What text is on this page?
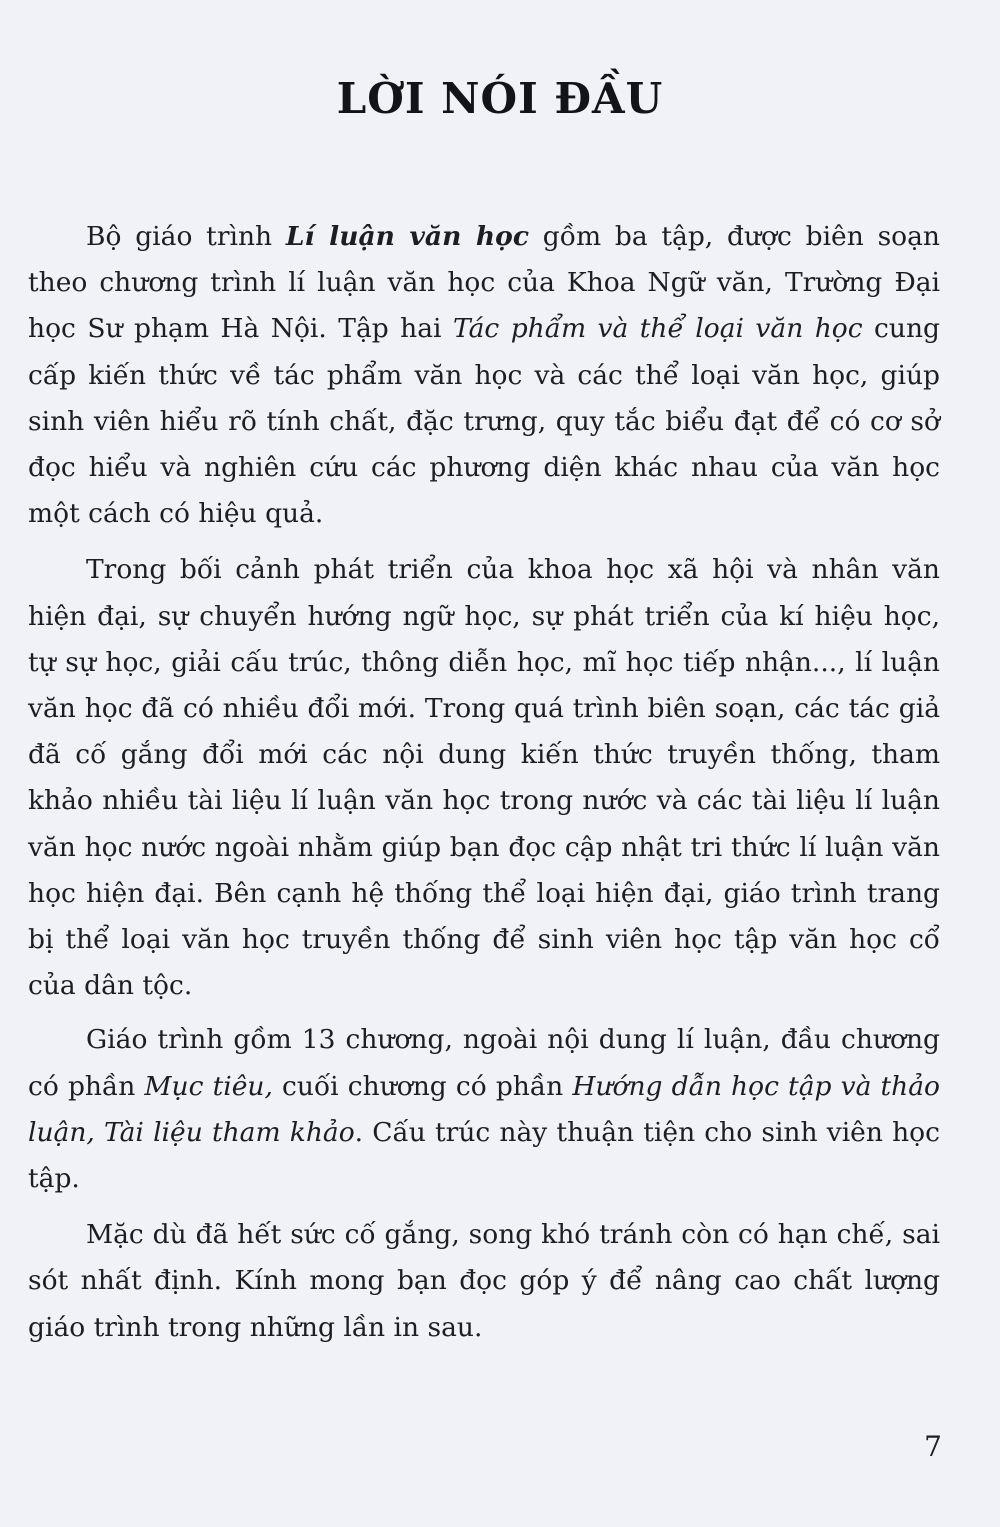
LỜI NÓI ĐẦU

Bộ giáo trình Lí luận văn học gồm ba tập, được biên soạn theo chương trình lí luận văn học của Khoa Ngữ văn, Trường Đại học Sư phạm Hà Nội. Tập hai Tác phẩm và thể loại văn học cung cấp kiến thức về tác phẩm văn học và các thể loại văn học, giúp sinh viên hiểu rõ tính chất, đặc trưng, quy tắc biểu đạt để có cơ sở đọc hiểu và nghiên cứu các phương diện khác nhau của văn học một cách có hiệu quả.

Trong bối cảnh phát triển của khoa học xã hội và nhân văn hiện đại, sự chuyển hướng ngữ học, sự phát triển của kí hiệu học, tự sự học, giải cấu trúc, thông diễn học, mĩ học tiếp nhận..., lí luận văn học đã có nhiều đổi mới. Trong quá trình biên soạn, các tác giả đã cố gắng đổi mới các nội dung kiến thức truyền thống, tham khảo nhiều tài liệu lí luận văn học trong nước và các tài liệu lí luận văn học nước ngoài nhằm giúp bạn đọc cập nhật tri thức lí luận văn học hiện đại. Bên cạnh hệ thống thể loại hiện đại, giáo trình trang bị thể loại văn học truyền thống để sinh viên học tập văn học cổ của dân tộc.

Giáo trình gồm 13 chương, ngoài nội dung lí luận, đầu chương có phần Mục tiêu, cuối chương có phần Hướng dẫn học tập và thảo luận, Tài liệu tham khảo. Cấu trúc này thuận tiện cho sinh viên học tập.

Mặc dù đã hết sức cố gắng, song khó tránh còn có hạn chế, sai sót nhất định. Kính mong bạn đọc góp ý để nâng cao chất lượng giáo trình trong những lần in sau.

7
